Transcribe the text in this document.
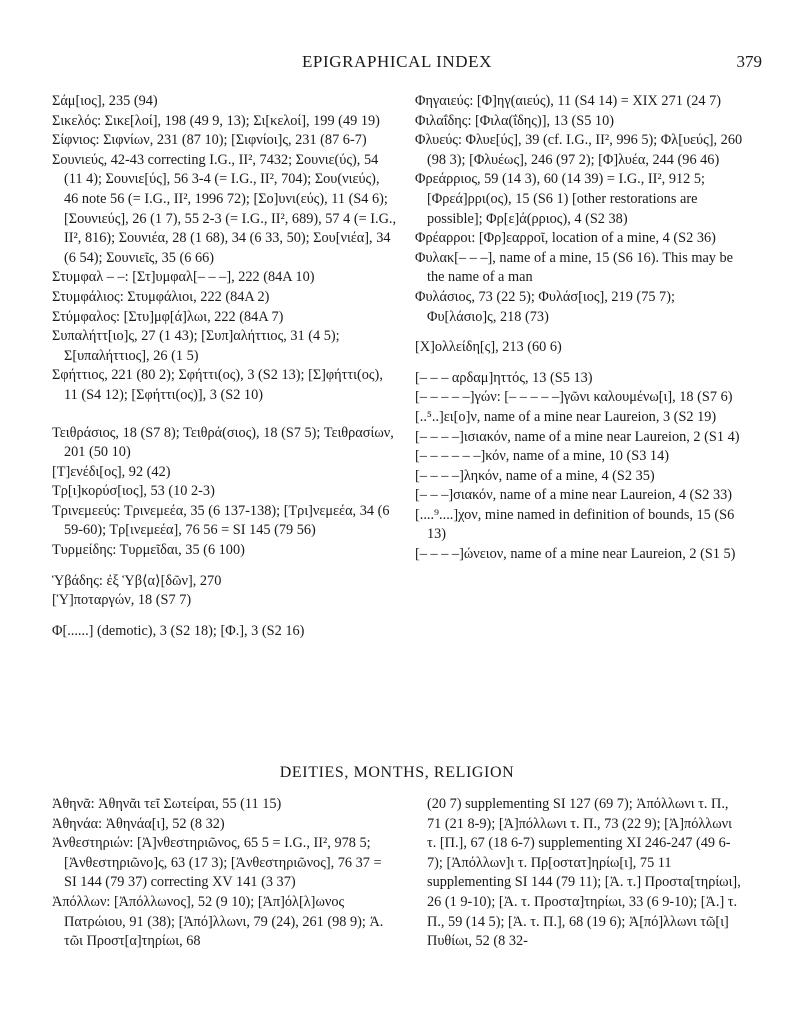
EPIGRAPHICAL INDEX	379
Σάμ[ιος], 235 (94)
Σικελός: Σικε[λοί], 198 (49 9, 13); Σι[κελοί], 199 (49 19)
Σίφνιος: Σιφνίων, 231 (87 10); [Σιφνίοι]ς, 231 (87 6-7)
Σουνιεύς, 42-43 correcting I.G., II², 7432; Σουνιε(ύς), 54 (11 4); Σουνιε[ύς], 56 3-4 (= I.G., II², 704); Σου(νιεύς), 46 note 56 (= I.G., II², 1996 72); [Σο]υνι(εύς), 11 (S4 6); [Σουνιεύς], 26 (1 7), 55 2-3 (= I.G., II², 689), 57 4 (= I.G., II², 816); Σουνιέα, 28 (1 68), 34 (6 33, 50); Σου[νιέα], 34 (6 54); Σουνιεῖς, 35 (6 66)
Στυμφαλ – –: [Στ]υμφαλ[– – –], 222 (84A 10)
Στυμφάλιος: Στυμφάλιοι, 222 (84A 2)
Στύμφαλος: [Στυ]μφ[ά]λωι, 222 (84A 7)
Συπαλήττ[ιο]ς, 27 (1 43); [Συπ]αλήττιος, 31 (4 5); Σ[υπαλήττιος], 26 (1 5)
Σφήττιος, 221 (80 2); Σφήττι(ος), 3 (S2 13); [Σ]φήττι(ος), 11 (S4 12); [Σφήττι(ος)], 3 (S2 10)
Τειθράσιος, 18 (S7 8); Τειθρά(σιος), 18 (S7 5); Τειθρασίων, 201 (50 10)
[Τ]ενέδι[ος], 92 (42)
Τρ[ι]κορύσ[ιος], 53 (10 2-3)
Τρινεμεεύς: Τρινεμεέα, 35 (6 137-138); [Τρι]νεμεέα, 34 (6 59-60); Τρ[ινεμεέα], 76 56 = SI 145 (79 56)
Τυρμείδης: Τυρμεῖδαι, 35 (6 100)
Ὑβάδης: ἐξ Ὑβ⟨α⟩[δῶν], 270
[Ὑ]ποταργών, 18 (S7 7)
Φ[......] (demotic), 3 (S2 18); [Φ.], 3 (S2 16)
Φηγαιεύς: [Φ]ηγ(αιεύς), 11 (S4 14) = XIX 271 (24 7)
Φιλαΐδης: [Φιλα(ΐδης)], 13 (S5 10)
Φλυεύς: Φλυε[ύς], 39 (cf. I.G., II², 996 5); Φλ[υεύς], 260 (98 3); [Φλυέως], 246 (97 2); [Φ]λυέα, 244 (96 46)
Φρεάρριος, 59 (14 3), 60 (14 39) = I.G., II², 912 5; [Φρεά]ρρι(ος), 15 (S6 1) [other restorations are possible]; Φρ[ε]ά(ρριος), 4 (S2 38)
Φρέαρροι: [Φρ]εαρροῖ, location of a mine, 4 (S2 36)
Φυλακ[– – –], name of a mine, 15 (S6 16). This may be the name of a man
Φυλάσιος, 73 (22 5); Φυλάσ[ιος], 219 (75 7); Φυ[λάσιο]ς, 218 (73)
[Χ]ολλείδη[ς], 213 (60 6)
[– – – αρδαμ]ηττός, 13 (S5 13)
[– – – – –]γών: [– – – – –]γῶνι καλουμένω[ι], 18 (S7 6)
[..⁵..]ει[ο]ν, name of a mine near Laureion, 3 (S2 19)
[– – – –]ισιακόν, name of a mine near Laureion, 2 (S1 4)
[– – – – – –]κόν, name of a mine, 10 (S3 14)
[– – – –]ληκόν, name of a mine, 4 (S2 35)
[– – –]σιακόν, name of a mine near Laureion, 4 (S2 33)
[....⁹....]χον, mine named in definition of bounds, 15 (S6 13)
[– – – –]ώνειον, name of a mine near Laureion, 2 (S1 5)
DEITIES, MONTHS, RELIGION
Ἀθηνᾶ: Ἀθηνᾶι τεῖ Σωτείραι, 55 (11 15)
Ἀθηνάα: Ἀθηνάα[ι], 52 (8 32)
Ἀνθεστηριών: [Ἀ]νθεστηριῶνος, 65 5 = I.G., II², 978 5; [Ἀνθεστηριῶνο]ς, 63 (17 3); [Ἀνθεστηριῶνος], 76 37 = SI 144 (79 37) correcting XV 141 (3 37)
Ἀπόλλων: [Ἀπόλλωνος], 52 (9 10); [Ἀπ]όλ[λ]ωνος Πατρώιου, 91 (38); [Ἀπό]λλωνι, 79 (24), 261 (98 9); Ἀ. τῶι Προστ[α]τηρίωι, 68
(20 7) supplementing SI 127 (69 7); Ἀπόλλωνι τ. Π., 71 (21 8-9); [Ἀ]πόλλωνι τ. Π., 73 (22 9); [Ἀ]πόλλωνι τ. [Π.], 67 (18 6-7) supplementing XI 246-247 (49 6-7); [Ἀπόλλων]ι τ. Πρ[οστατ]ηρίω[ι], 75 11 supplementing SI 144 (79 11); [Ἀ. τ.] Προστα[τηρίωι], 26 (1 9-10); [Ἀ. τ. Προστα]τηρίωι, 33 (6 9-10); [Ἀ.] τ. Π., 59 (14 5); [Ἀ. τ. Π.], 68 (19 6); Ἀ[πό]λλωνι τῶ[ι] Πυθίωι, 52 (8 32-
